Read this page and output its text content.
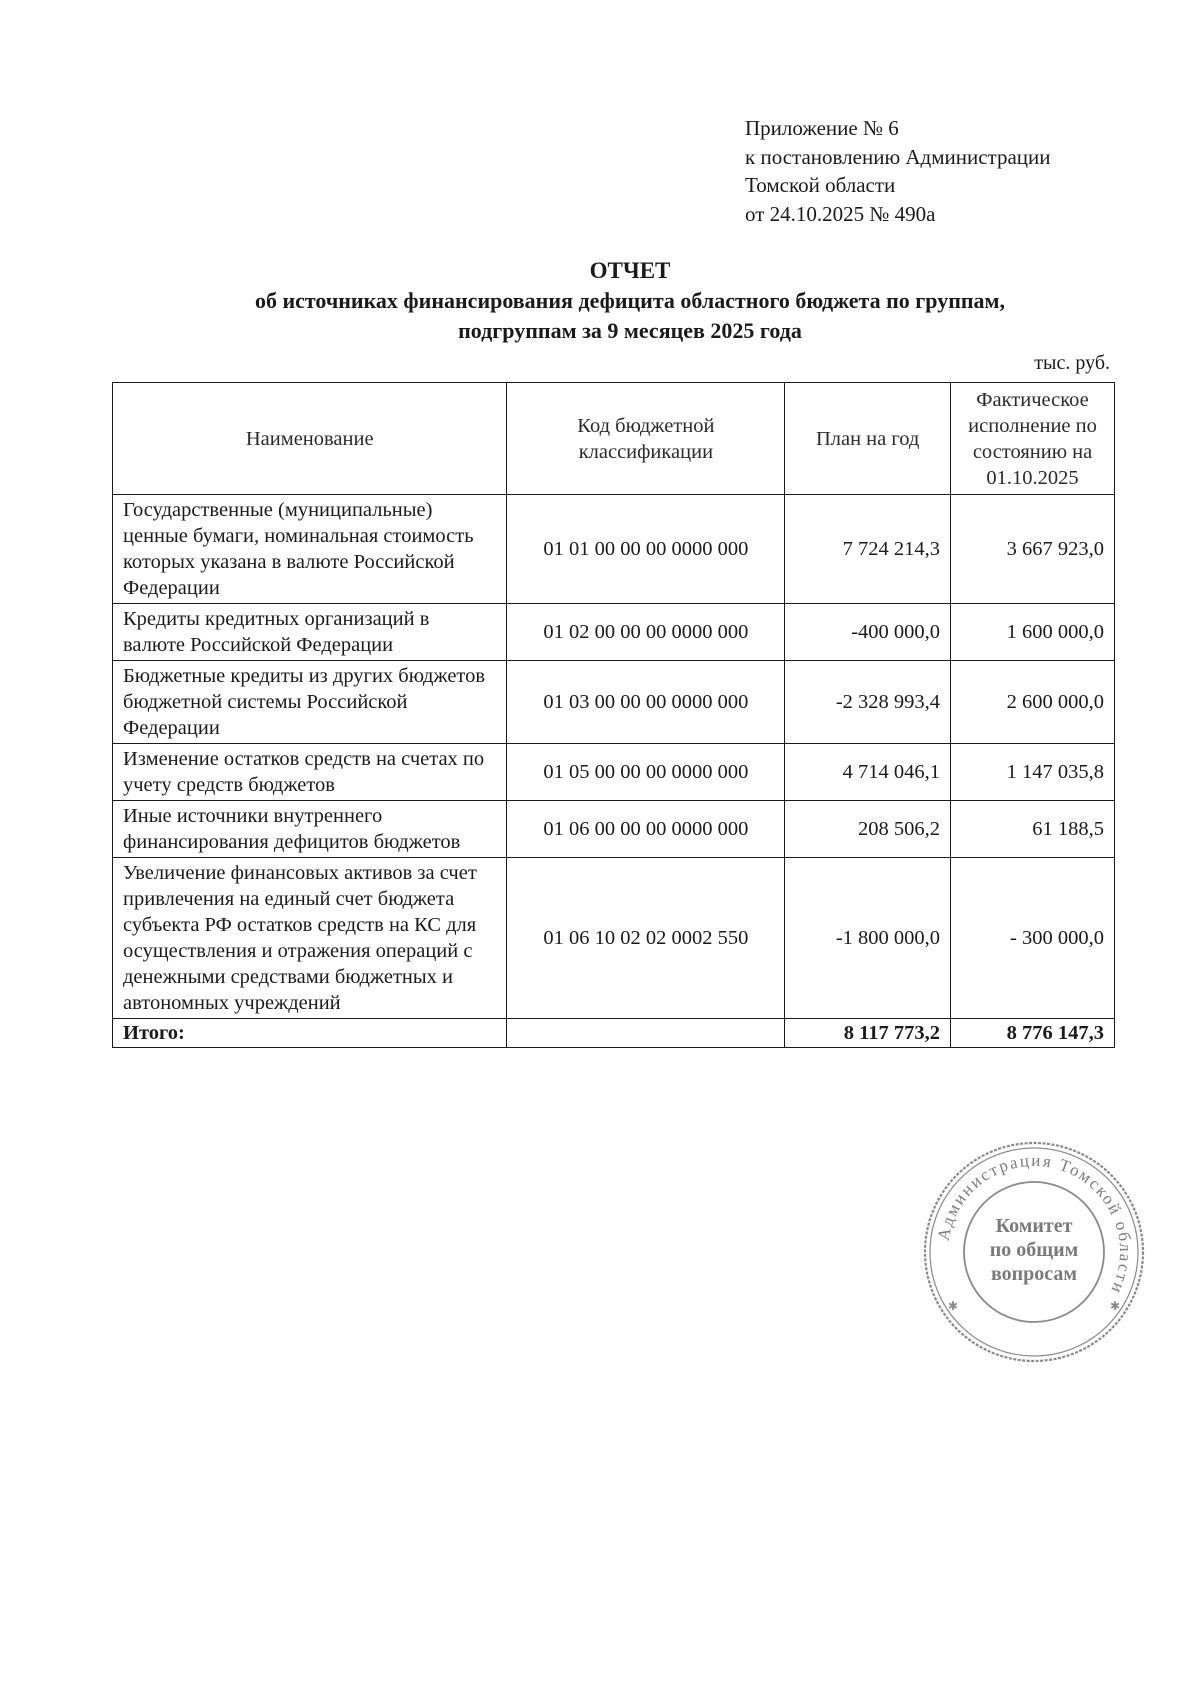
Приложение № 6
к постановлению Администрации
Томской области
от 24.10.2025 № 490а
ОТЧЕТ
об источниках финансирования дефицита областного бюджета по группам,
подгруппам за 9 месяцев 2025 года
тыс. руб.
Наименование	Код бюджетной классификации	План на год	Фактическое исполнение по состоянию на 01.10.2025
Государственные (муниципальные) ценные бумаги, номинальная стоимость которых указана в валюте Российской Федерации	01 01 00 00 00 0000 000	7 724 214,3	3 667 923,0
Кредиты кредитных организаций в валюте Российской Федерации	01 02 00 00 00 0000 000	-400 000,0	1 600 000,0
Бюджетные кредиты из других бюджетов бюджетной системы Российской Федерации	01 03 00 00 00 0000 000	-2 328 993,4	2 600 000,0
Изменение остатков средств на счетах по учету средств бюджетов	01 05 00 00 00 0000 000	4 714 046,1	1 147 035,8
Иные источники внутреннего финансирования дефицитов бюджетов	01 06 00 00 00 0000 000	208 506,2	61 188,5
Увеличение финансовых активов за счет привлечения на единый счет бюджета субъекта РФ остатков средств на КС для осуществления и отражения операций с денежными средствами бюджетных и автономных учреждений	01 06 10 02 02 0002 550	-1 800 000,0	- 300 000,0
Итого:		8 117 773,2	8 776 147,3
Администрация Томской области
Комитет
по общим
вопросам
✱	✱
